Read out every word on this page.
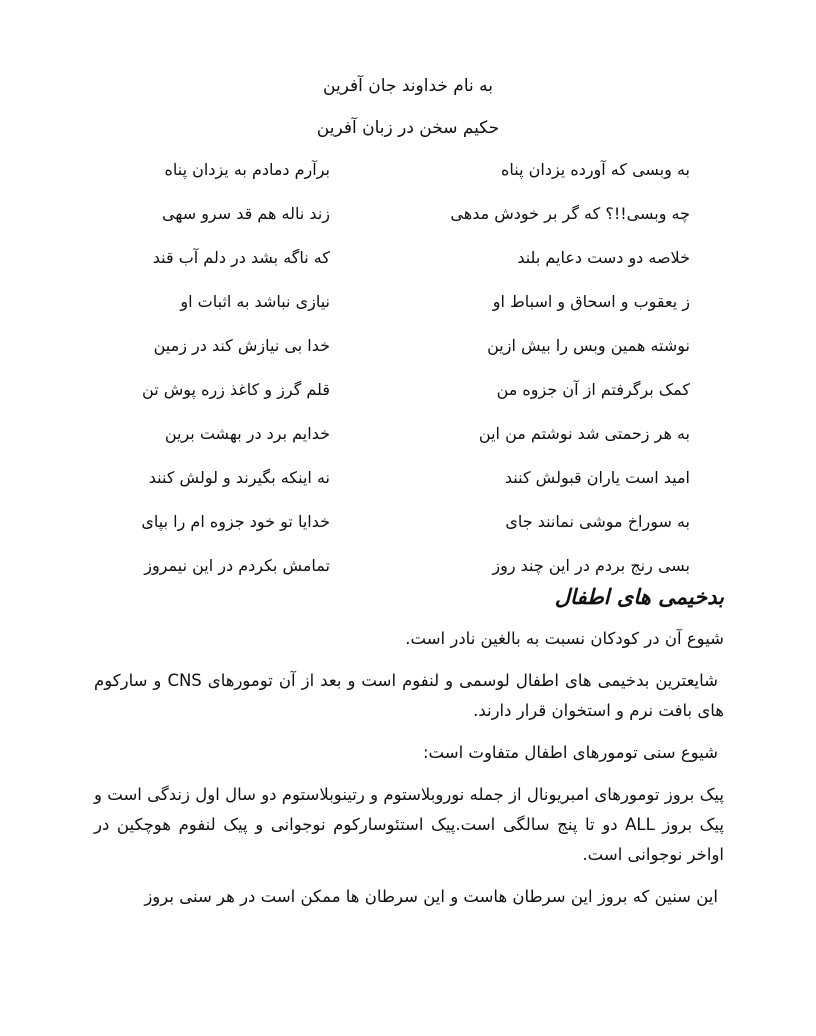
به نام خداوند جان آفرین
حکیم سخن در زبان آفرین
به وبسی که آورده یزدان پناه
برآرم دمادم به یزدان پناه
چه وبسی!!؟ که گر بر خودش مدهی
زند ناله هم قد سرو سهی
خلاصه دو دست دعایم بلند
که ناگه بشد در دلم آب قند
ز یعقوب و اسحاق و اسباط او
نیازی نباشد به اثبات او
نوشته همین وبس را بیش ازین
خدا بی نیازش کند در زمین
کمک برگرفتم از آن جزوه من
قلم گرز و کاغذ زره پوش تن
به هر زحمتی شد نوشتم من این
خدایم برد در بهشت برین
امید است یاران قبولش کنند
نه اینکه بگیرند و لولش کنند
به سوراخ موشی نمانند جای
خدایا تو خود جزوه ام را بپای
بسی رنج بردم در این چند روز
تمامش بکردم در این نیمروز
بدخیمی های اطفال

شیوع آن در کودکان نسبت به بالغین نادر است.

شایعترین بدخیمی های اطفال لوسمی و لنفوم است و بعد از آن تومورهای CNS و سارکوم های بافت نرم و استخوان قرار دارند.

شیوع سنی تومورهای اطفال متفاوت است:

پیک بروز تومورهای امبریونال از جمله نوروبلاستوم و رتینوبلاستوم دو سال اول زندگی است و پیک بروز ALL دو تا پنج سالگی است.پیک استئوسارکوم نوجوانی و پیک لنفوم هوچکین در اواخر نوجوانی است.

این سنین که بروز این سرطان هاست و این سرطان ها ممکن است در هر سنی بروز
